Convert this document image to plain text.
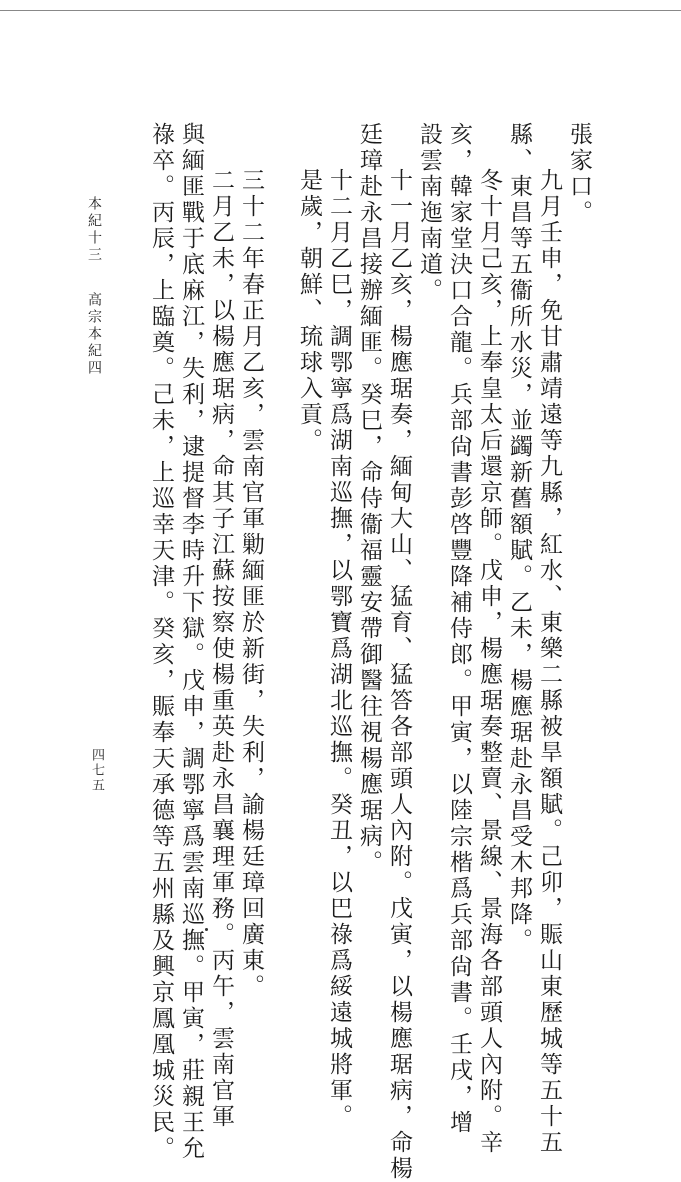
張家口。
九月壬申，免甘肅靖遠等九縣，紅水、東樂二縣被旱額賦。己卯，賑山東歷城等五十五
縣、東昌等五衞所水災，並蠲新舊額賦。乙未，楊應琚赴永昌受木邦降。
冬十月己亥，上奉皇太后還京師。戊申，楊應琚奏整賣、景線、景海各部頭人內附。辛
亥，韓家堂決口合龍。兵部尙書彭啓豐降補侍郎。甲寅，以陸宗楷爲兵部尙書。壬戌，增
設雲南迤南道。
十一月乙亥，楊應琚奏，緬甸大山、猛育、猛答各部頭人內附。戊寅，以楊應琚病，命楊
廷璋赴永昌接辦緬匪。癸巳，命侍衞福靈安帶御醫往視楊應琚病。
十二月乙巳，調鄂寧爲湖南巡撫，以鄂寶爲湖北巡撫。癸丑，以巴祿爲綏遠城將軍。
是歲，朝鮮、琉球入貢。
三十二年春正月乙亥，雲南官軍勦緬匪於新街，失利，諭楊廷璋回廣東。
二月乙未，以楊應琚病，命其子江蘇按察使楊重英赴永昌襄理軍務。丙午，雲南官軍
與緬匪戰于底麻江，失利，逮提督李時升下獄。戊申，調鄂寧爲雲南巡撫。甲寅，莊親王允
祿卒。丙辰，上臨奠。己未，上巡幸天津。癸亥，賑奉天承德等五州縣及興京鳳凰城災民。
本紀十三
高宗本紀四
四七五
